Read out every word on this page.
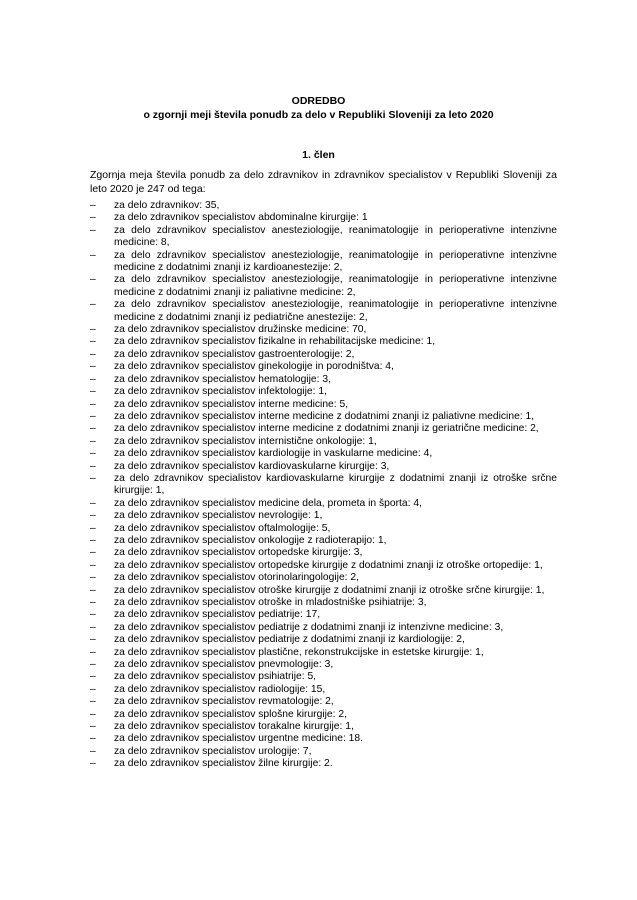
ODREDBO
o zgornji meji števila ponudb za delo v Republiki Sloveniji za leto 2020
1. člen
Zgornja meja števila ponudb za delo zdravnikov in zdravnikov specialistov v Republiki Sloveniji za leto 2020 je 247 od tega:
–	za delo zdravnikov: 35,
–	za delo zdravnikov specialistov abdominalne kirurgije: 1
–	za delo zdravnikov specialistov anesteziologije, reanimatologije in perioperativne intenzivne medicine: 8,
–	za delo zdravnikov specialistov anesteziologije, reanimatologije in perioperativne intenzivne medicine z dodatnimi znanji iz kardioanestezije: 2,
–	za delo zdravnikov specialistov anesteziologije, reanimatologije in perioperativne intenzivne medicine z dodatnimi znanji iz paliativne medicine: 2,
–	za delo zdravnikov specialistov anesteziologije, reanimatologije in perioperativne intenzivne medicine z dodatnimi znanji iz pediatrične anestezije: 2,
–	za delo zdravnikov specialistov družinske medicine: 70,
–	za delo zdravnikov specialistov fizikalne in rehabilitacijske medicine: 1,
–	za delo zdravnikov specialistov gastroenterologije: 2,
–	za delo zdravnikov specialistov ginekologije in porodništva: 4,
–	za delo zdravnikov specialistov hematologije: 3,
–	za delo zdravnikov specialistov infektologije: 1,
–	za delo zdravnikov specialistov interne medicine: 5,
–	za delo zdravnikov specialistov interne medicine z dodatnimi znanji iz paliativne medicine: 1,
–	za delo zdravnikov specialistov interne medicine z dodatnimi znanji iz geriatrične medicine: 2,
–	za delo zdravnikov specialistov internistične onkologije: 1,
–	za delo zdravnikov specialistov kardiologije in vaskularne medicine: 4,
–	za delo zdravnikov specialistov kardiovaskularne kirurgije: 3,
–	za delo zdravnikov specialistov kardiovaskularne kirurgije z dodatnimi znanji iz otroške srčne kirurgije: 1,
–	za delo zdravnikov specialistov medicine dela, prometa in športa: 4,
–	za delo zdravnikov specialistov nevrologije: 1,
–	za delo zdravnikov specialistov oftalmologije: 5,
–	za delo zdravnikov specialistov onkologije z radioterapijo: 1,
–	za delo zdravnikov specialistov ortopedske kirurgije: 3,
–	za delo zdravnikov specialistov ortopedske kirurgije z dodatnimi znanji iz otroške ortopedije: 1,
–	za delo zdravnikov specialistov otorinolaringologije: 2,
–	za delo zdravnikov specialistov otroške kirurgije z dodatnimi znanji iz otroške srčne kirurgije: 1,
–	za delo zdravnikov specialistov otroške in mladostniške psihiatrije: 3,
–	za delo zdravnikov specialistov pediatrije: 17,
–	za delo zdravnikov specialistov pediatrije z dodatnimi znanji iz intenzivne medicine: 3,
–	za delo zdravnikov specialistov pediatrije z dodatnimi znanji iz kardiologije: 2,
–	za delo zdravnikov specialistov plastične, rekonstrukcijske in estetske kirurgije: 1,
–	za delo zdravnikov specialistov pnevmologije: 3,
–	za delo zdravnikov specialistov psihiatrije: 5,
–	za delo zdravnikov specialistov radiologije: 15,
–	za delo zdravnikov specialistov revmatologije: 2,
–	za delo zdravnikov specialistov splošne kirurgije: 2,
–	za delo zdravnikov specialistov torakalne kirurgije: 1,
–	za delo zdravnikov specialistov urgentne medicine: 18.
–	za delo zdravnikov specialistov urologije: 7,
–	za delo zdravnikov specialistov žilne kirurgije: 2.
